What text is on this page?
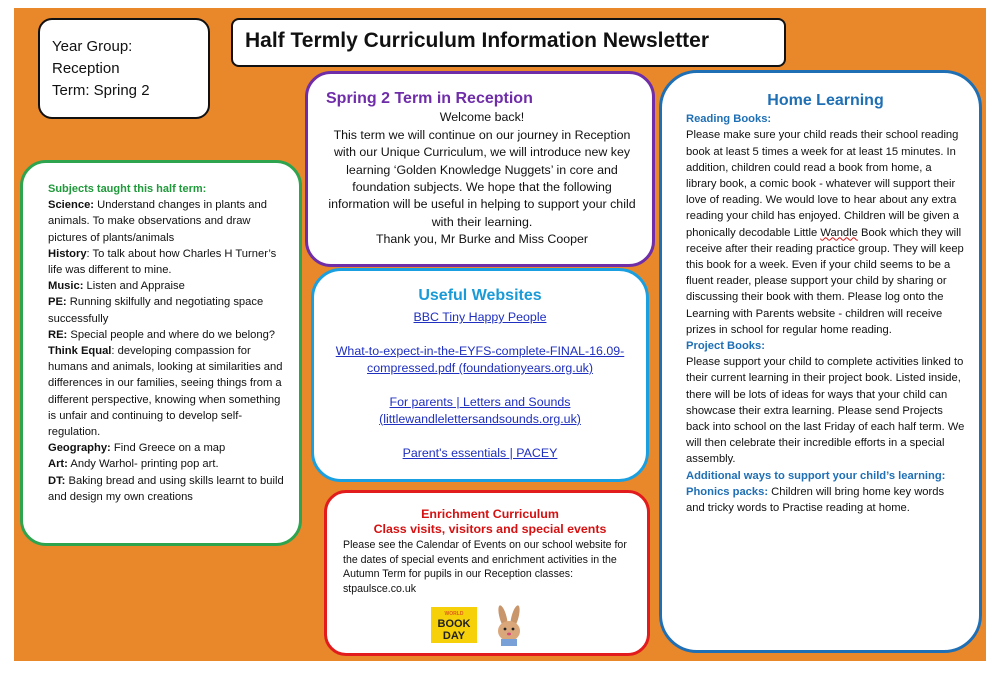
Year Group:
Reception
Term: Spring 2
Half Termly Curriculum Information Newsletter
Subjects taught this half term:
Science: Understand changes in plants and animals. To make observations and draw pictures of plants/animals
History: To talk about how Charles H Turner’s life was different to mine.
Music: Listen and Appraise
PE: Running skilfully and negotiating space successfully
RE: Special people and where do we belong?
Think Equal: developing compassion for humans and animals, looking at similarities and differences in our families, seeing things from a different perspective, knowing when something is unfair and continuing to develop self-regulation.
Geography: Find Greece on a map
Art: Andy Warhol- printing pop art.
DT: Baking bread and using skills learnt to build and design my own creations
Spring 2 Term in Reception
Welcome back!
This term we will continue on our journey in Reception with our Unique Curriculum, we will introduce new key learning ‘Golden Knowledge Nuggets’ in core and foundation subjects. We hope that the following information will be useful in helping to support your child with their learning.
Thank you, Mr Burke and Miss Cooper
Useful Websites
BBC Tiny Happy People
What-to-expect-in-the-EYFS-complete-FINAL-16.09-compressed.pdf (foundationyears.org.uk)
For parents | Letters and Sounds (littlewandlelettersandsounds.org.uk)
Parent's essentials | PACEY
Enrichment Curriculum
Class visits, visitors and special events
Please see the Calendar of Events on our school website for the dates of special events and enrichment activities in the Autumn Term for pupils in our Reception classes:
stpaulsce.co.uk
WORLD
BOOK
DAY
Home Learning
Reading Books:
Please make sure your child reads their school reading book at least 5 times a week for at least 15 minutes. In addition, children could read a book from home, a library book, a comic book - whatever will support their love of reading. We would love to hear about any extra reading your child has enjoyed. Children will be given a phonically decodable Little Wandle Book which they will receive after their reading practice group. They will keep this book for a week. Even if your child seems to be a fluent reader, please support your child by sharing or discussing their book with them. Please log onto the Learning with Parents website - children will receive prizes in school for regular home reading.
Project Books:
Please support your child to complete activities linked to their current learning in their project book. Listed inside, there will be lots of ideas for ways that your child can showcase their extra learning. Please send Projects back into school on the last Friday of each half term. We will then celebrate their incredible efforts in a special assembly.
Additional ways to support your child’s learning:
Phonics packs: Children will bring home key words and tricky words to Practise reading at home.
